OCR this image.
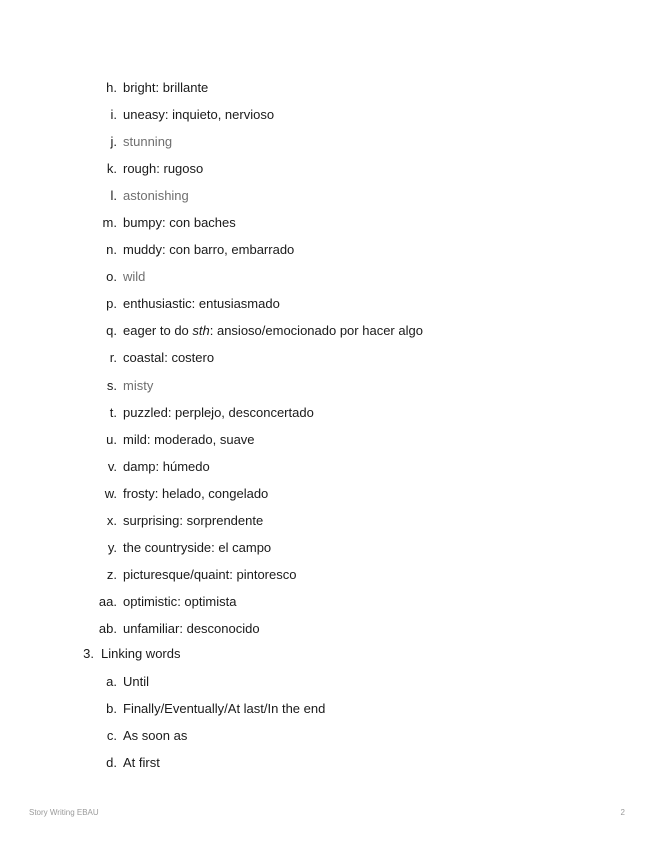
h. bright: brillante
i. uneasy: inquieto, nervioso
j. stunning
k. rough: rugoso
l. astonishing
m. bumpy: con baches
n. muddy: con barro, embarrado
o. wild
p. enthusiastic: entusiasmado
q. eager to do sth: ansioso/emocionado por hacer algo
r. coastal: costero
s. misty
t. puzzled: perplejo, desconcertado
u. mild: moderado, suave
v. damp: húmedo
w. frosty: helado, congelado
x. surprising: sorprendente
y. the countryside: el campo
z. picturesque/quaint: pintoresco
aa. optimistic: optimista
ab. unfamiliar: desconocido
3. Linking words
a. Until
b. Finally/Eventually/At last/In the end
c. As soon as
d. At first
Story Writing EBAU	2
